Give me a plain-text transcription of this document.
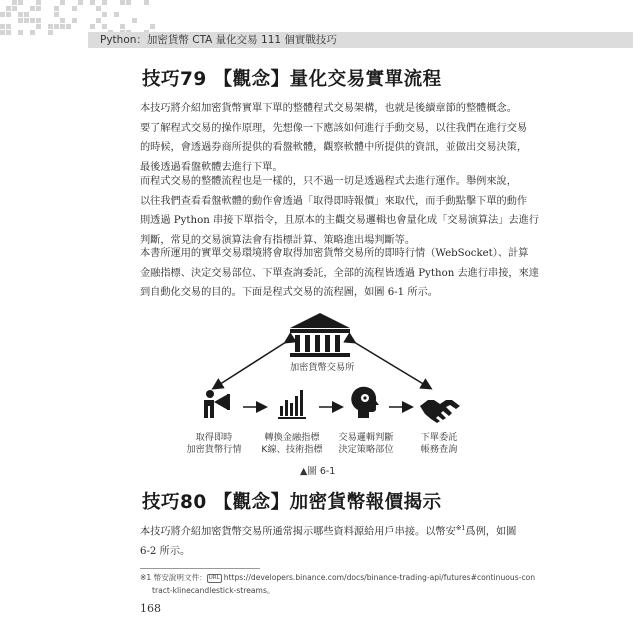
Python：加密貨幣 CTA 量化交易 111 個實戰技巧
技巧79 【觀念】量化交易實單流程
本技巧將介紹加密貨幣實單下單的整體程式交易架構，也就是後續章節的整體概念。
要了解程式交易的操作原理，先想像一下應該如何進行手動交易，以往我們在進行交易
的時候，會透過券商所提供的看盤軟體，觀察軟體中所提供的資訊，並做出交易決策，
最後透過看盤軟體去進行下單。
而程式交易的整體流程也是一樣的，只不過一切是透過程式去進行運作。舉例來說，
以往我們查看看盤軟體的動作會透過「取得即時報價」來取代，而手動點擊下單的動作
則透過 Python 串接下單指令，且原本的主觀交易邏輯也會量化成「交易演算法」去進行
判斷，常見的交易演算法會有指標計算、策略進出場判斷等。
本書所運用的實單交易環境將會取得加密貨幣交易所的即時行情（WebSocket）、計算
金融指標、決定交易部位、下單查詢委託，全部的流程皆透過 Python 去進行串接，來達
到自動化交易的目的。下面是程式交易的流程圖，如圖 6-1 所示。
加密貨幣交易所
取得即時
加密貨幣行情
轉換金融指標
K線、技術指標
交易邏輯判斷
決定策略部位
下單委託
帳務查詢
▲圖 6-1
技巧80 【觀念】加密貨幣報價揭示
本技巧將介紹加密貨幣交易所通常揭示哪些資料源給用戶串接。以幣安$^{※1}$爲例，如圖
6-2 所示。
※1 幣安說明文件： URL https://developers.binance.com/docs/binance-trading-api/futures#continuous-con
tract-klinecandlestick-streams。
168
